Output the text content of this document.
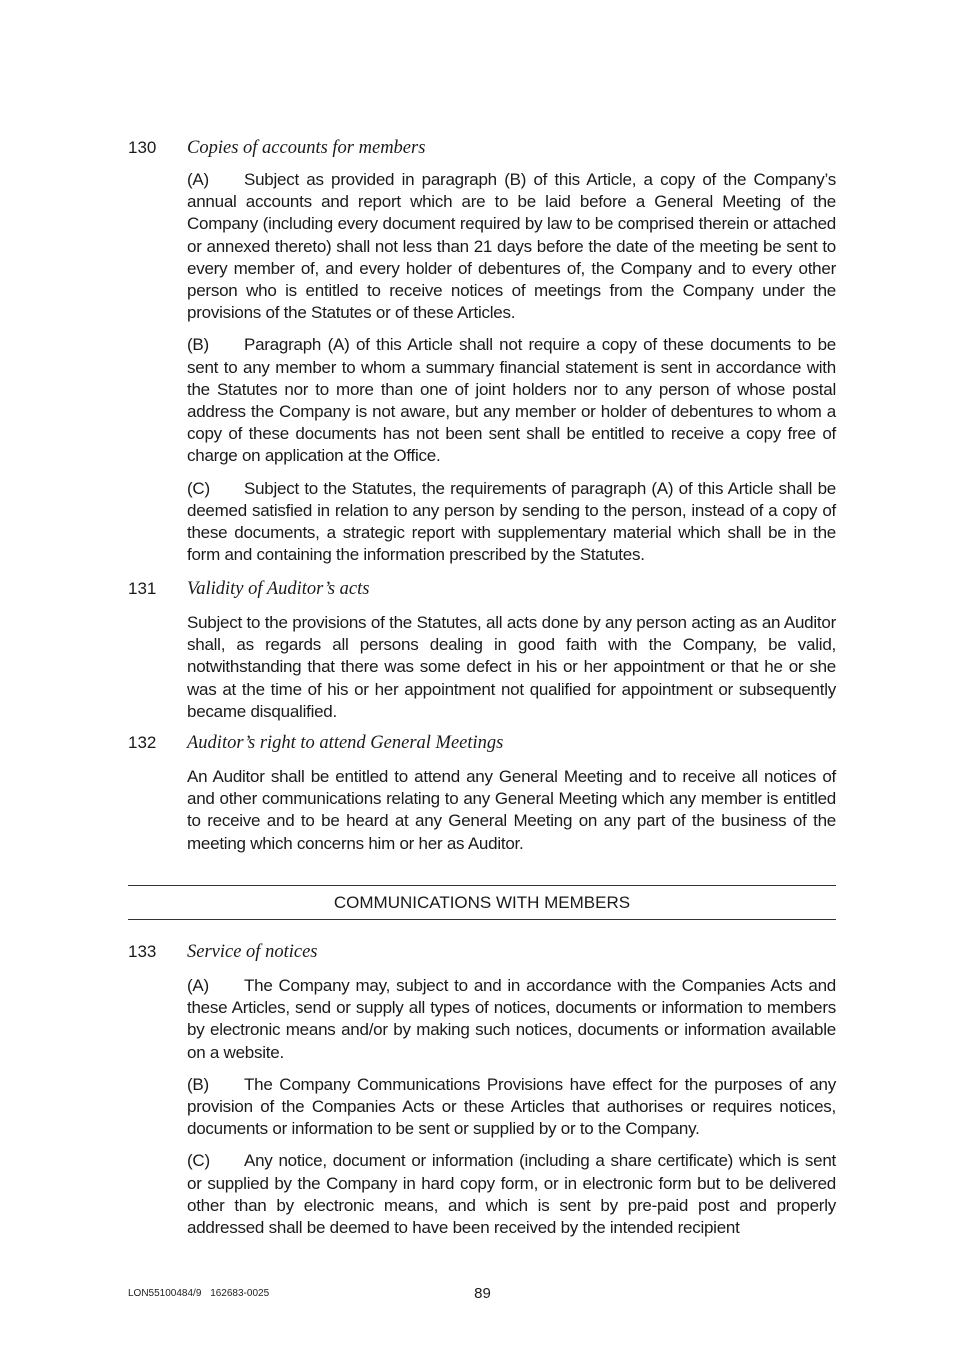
130	Copies of accounts for members

(A) Subject as provided in paragraph (B) of this Article, a copy of the Company’s annual accounts and report which are to be laid before a General Meeting of the Company (including every document required by law to be comprised therein or attached or annexed thereto) shall not less than 21 days before the date of the meeting be sent to every member of, and every holder of debentures of, the Company and to every other person who is entitled to receive notices of meetings from the Company under the provisions of the Statutes or of these Articles.

(B) Paragraph (A) of this Article shall not require a copy of these documents to be sent to any member to whom a summary financial statement is sent in accordance with the Statutes nor to more than one of joint holders nor to any person of whose postal address the Company is not aware, but any member or holder of debentures to whom a copy of these documents has not been sent shall be entitled to receive a copy free of charge on application at the Office.

(C) Subject to the Statutes, the requirements of paragraph (A) of this Article shall be deemed satisfied in relation to any person by sending to the person, instead of a copy of these documents, a strategic report with supplementary material which shall be in the form and containing the information prescribed by the Statutes.

131	Validity of Auditor’s acts

Subject to the provisions of the Statutes, all acts done by any person acting as an Auditor shall, as regards all persons dealing in good faith with the Company, be valid, notwithstanding that there was some defect in his or her appointment or that he or she was at the time of his or her appointment not qualified for appointment or subsequently became disqualified.

132	Auditor’s right to attend General Meetings

An Auditor shall be entitled to attend any General Meeting and to receive all notices of and other communications relating to any General Meeting which any member is entitled to receive and to be heard at any General Meeting on any part of the business of the meeting which concerns him or her as Auditor.

COMMUNICATIONS WITH MEMBERS
133	Service of notices

(A) The Company may, subject to and in accordance with the Companies Acts and these Articles, send or supply all types of notices, documents or information to members by electronic means and/or by making such notices, documents or information available on a website.

(B) The Company Communications Provisions have effect for the purposes of any provision of the Companies Acts or these Articles that authorises or requires notices, documents or information to be sent or supplied by or to the Company.

(C) Any notice, document or information (including a share certificate) which is sent or supplied by the Company in hard copy form, or in electronic form but to be delivered other than by electronic means, and which is sent by pre-paid post and properly addressed shall be deemed to have been received by the intended recipient

LON55100484/9 162683-0025	89
